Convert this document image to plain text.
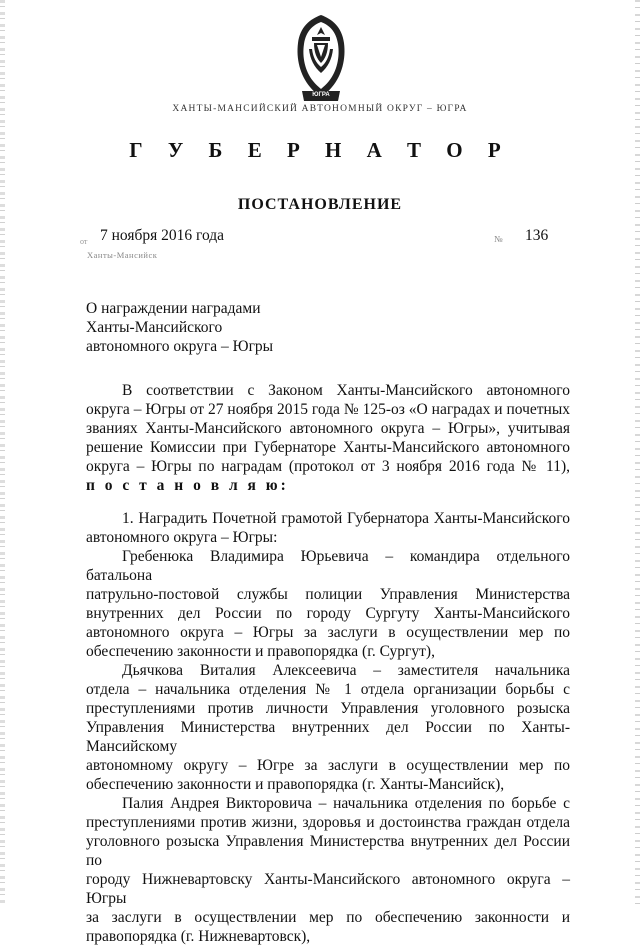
ЮГРА
ХАНТЫ-МАНСИЙСКИЙ АВТОНОМНЫЙ ОКРУГ – ЮГРА
Г У Б Е Р Н А Т О Р
ПОСТАНОВЛЕНИЕ
от 7 ноября 2016 года	№ 136
Ханты-Мансийск
О награждении наградами
Ханты-Мансийского
автономного округа – Югры
В соответствии с Законом Ханты-Мансийского автономного
округа – Югры от 27 ноября 2015 года № 125-оз «О наградах и почетных
званиях Ханты-Мансийского автономного округа – Югры», учитывая
решение Комиссии при Губернаторе Ханты-Мансийского автономного
округа – Югры по наградам (протокол от 3 ноября 2016 года № 11),
п о с т а н о в л я ю:
1. Наградить Почетной грамотой Губернатора Ханты-Мансийского
автономного округа – Югры:
Гребенюка Владимира Юрьевича – командира отдельного батальона
патрульно-постовой службы полиции Управления Министерства
внутренних дел России по городу Сургуту Ханты-Мансийского
автономного округа – Югры за заслуги в осуществлении мер по
обеспечению законности и правопорядка (г. Сургут),
Дьячкова Виталия Алексеевича – заместителя начальника
отдела – начальника отделения № 1 отдела организации борьбы с
преступлениями против личности Управления уголовного розыска
Управления Министерства внутренних дел России по Ханты-Мансийскому
автономному округу – Югре за заслуги в осуществлении мер по
обеспечению законности и правопорядка (г. Ханты-Мансийск),
Палия Андрея Викторовича – начальника отделения по борьбе с
преступлениями против жизни, здоровья и достоинства граждан отдела
уголовного розыска Управления Министерства внутренних дел России по
городу Нижневартовску Ханты-Мансийского автономного округа – Югры
за заслуги в осуществлении мер по обеспечению законности и
правопорядка (г. Нижневартовск),
